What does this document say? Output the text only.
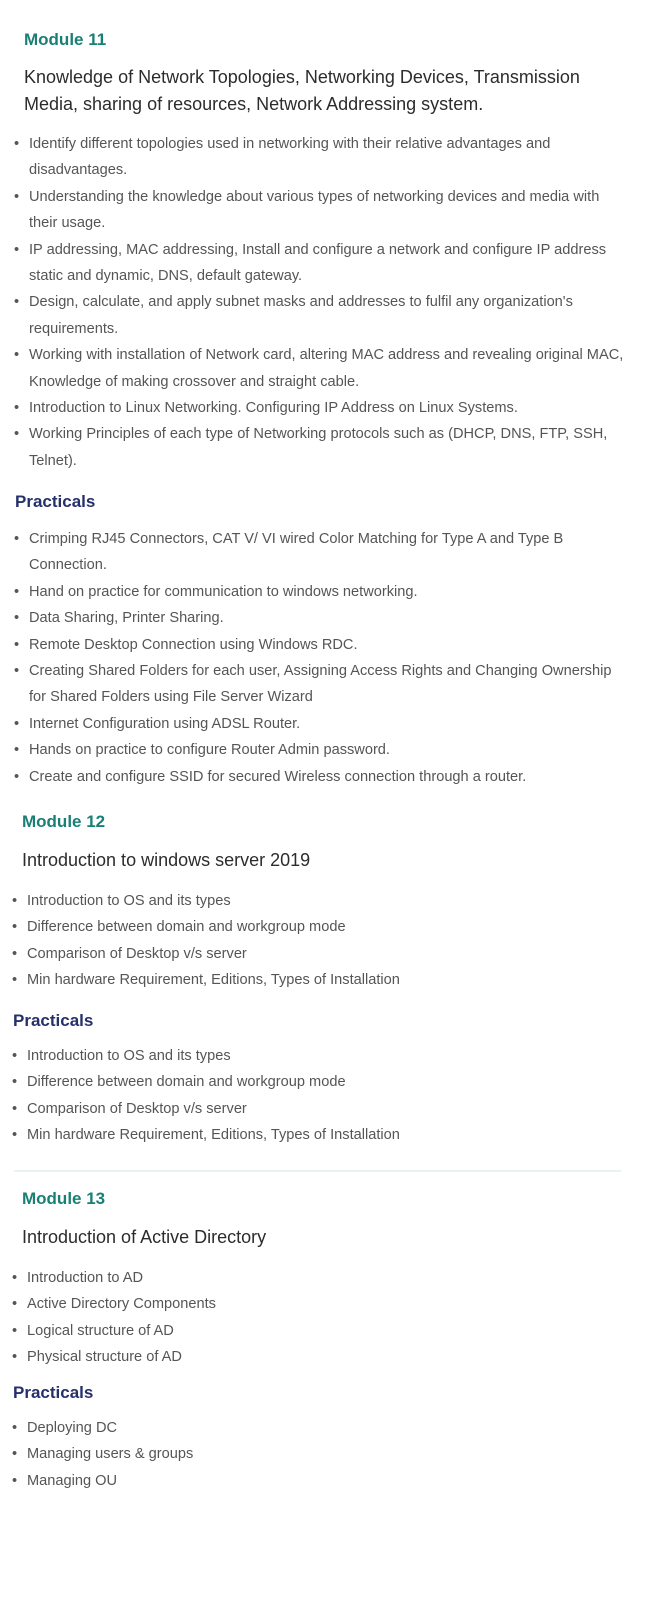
Module 11
Knowledge of Network Topologies, Networking Devices, Transmission Media, sharing of resources, Network Addressing system.
• Identify different topologies used in networking with their relative advantages and disadvantages.
• Understanding the knowledge about various types of networking devices and media with their usage.
• IP addressing, MAC addressing, Install and configure a network and configure IP address static and dynamic, DNS, default gateway.
• Design, calculate, and apply subnet masks and addresses to fulfil any organization's requirements.
• Working with installation of Network card, altering MAC address and revealing original MAC, Knowledge of making crossover and straight cable.
• Introduction to Linux Networking. Configuring IP Address on Linux Systems.
• Working Principles of each type of Networking protocols such as (DHCP, DNS, FTP, SSH, Telnet).
Practicals
• Crimping RJ45 Connectors, CAT V/ VI wired Color Matching for Type A and Type B Connection.
• Hand on practice for communication to windows networking.
• Data Sharing, Printer Sharing.
• Remote Desktop Connection using Windows RDC.
• Creating Shared Folders for each user, Assigning Access Rights and Changing Ownership for Shared Folders using File Server Wizard
• Internet Configuration using ADSL Router.
• Hands on practice to configure Router Admin password.
• Create and configure SSID for secured Wireless connection through a router.
Module 12
Introduction to windows server 2019
• Introduction to OS and its types
• Difference between domain and workgroup mode
• Comparison of Desktop v/s server
• Min hardware Requirement, Editions, Types of Installation
Practicals
• Introduction to OS and its types
• Difference between domain and workgroup mode
• Comparison of Desktop v/s server
• Min hardware Requirement, Editions, Types of Installation
Module 13
Introduction of Active Directory
• Introduction to AD
• Active Directory Components
• Logical structure of AD
• Physical structure of AD
Practicals
• Deploying DC
• Managing users & groups
• Managing OU
